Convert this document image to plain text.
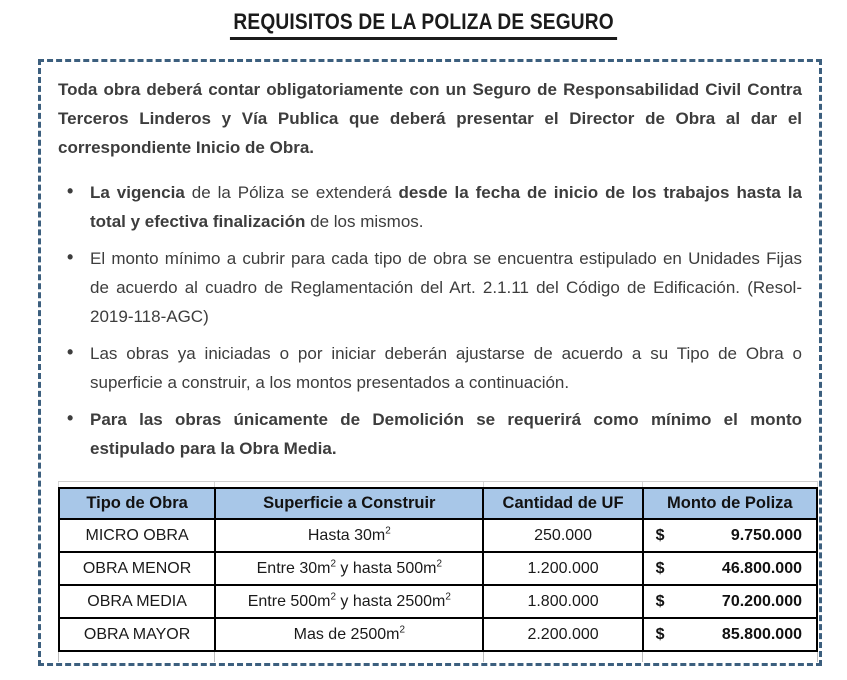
REQUISITOS DE LA POLIZA DE SEGURO

Toda obra deberá contar obligatoriamente con un Seguro de Responsabilidad Civil Contra Terceros Linderos y Vía Publica que deberá presentar el Director de Obra al dar el correspondiente Inicio de Obra.

• La vigencia de la Póliza se extenderá desde la fecha de inicio de los trabajos hasta la total y efectiva finalización de los mismos.
• El monto mínimo a cubrir para cada tipo de obra se encuentra estipulado en Unidades Fijas de acuerdo al cuadro de Reglamentación del Art. 2.1.11 del Código de Edificación. (Resol-2019-118-AGC)
• Las obras ya iniciadas o por iniciar deberán ajustarse de acuerdo a su Tipo de Obra o superficie a construir, a los montos presentados a continuación.
• Para las obras únicamente de Demolición se requerirá como mínimo el monto estipulado para la Obra Media.
Tipo de Obra	Superficie a Construir	Cantidad de UF	Monto de Poliza
MICRO OBRA	Hasta $30m^2$	250.000	$ 9.750.000

OBRA MENOR	Entre $30m^2$ y hasta $500m^2$	1.200.000	$ 46.800.000

OBRA MEDIA	Entre $500m^2$ y hasta $2500m^2$	1.800.000	$ 70.200.000

OBRA MAYOR	Mas de $2500m^2$	2.200.000	$ 85.800.000
